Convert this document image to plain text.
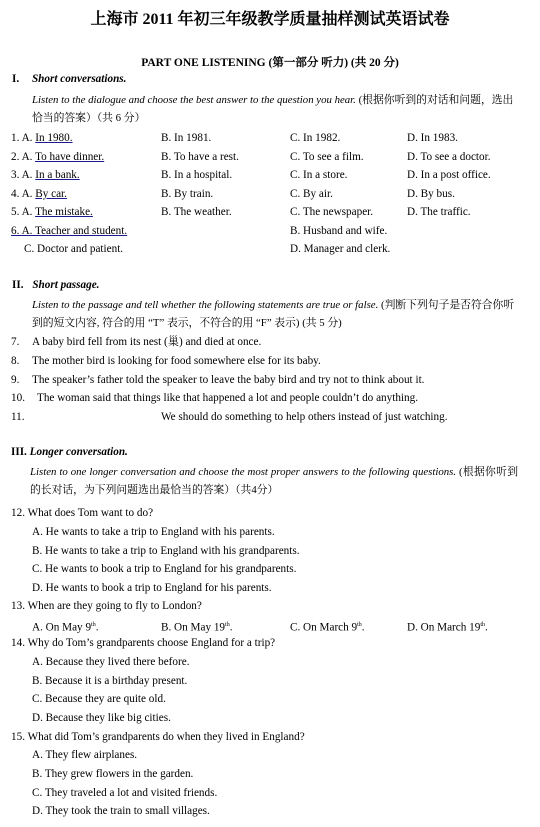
上海市 2011 年初三年级教学质量抽样测试英语试卷
PART ONE LISTENING (第一部分 听力) (共 20 分)
I. Short conversations.
Listen to the dialogue and choose the best answer to the question you hear. (根据你听到的对话和问题，选出恰当的答案）（共 6 分）
1. A. In 1980.	B. In 1981.	C. In 1982.	D. In 1983.
2. A. To have dinner.	B. To have a rest.	C. To see a film.	D. To see a doctor.
3. A. In a bank.	B. In a hospital.	C. In a store.	D. In a post office.
4. A. By car.	B. By train.	C. By air.	D. By bus.
5. A. The mistake.	B. The weather.	C. The newspaper.	D. The traffic.
6. A. Teacher and student.	B. Husband and wife.
C. Doctor and patient.	D. Manager and clerk.
II. Short passage.
Listen to the passage and tell whether the following statements are true or false. (判断下列句子是否符合你听到的短文内容, 符合的用 “T” 表示，不符合的用 “F” 表示) (共 5 分)
7. A baby bird fell from its nest (巢) and died at once.
8. The mother bird is looking for food somewhere else for its baby.
9. The speaker’s father told the speaker to leave the baby bird and try not to think about it.
10. The woman said that things like that happened a lot and people couldn’t do anything.
11.	We should do something to help others instead of just watching.
III. Longer conversation.
Listen to one longer conversation and choose the most proper answers to the following questions. (根据你听到的长对话，为下列问题选出最恰当的答案）（共4分）
12. What does Tom want to do?
A. He wants to take a trip to England with his parents.
B. He wants to take a trip to England with his grandparents.
C. He wants to book a trip to England for his grandparents.
D. He wants to book a trip to England for his parents.
13. When are they going to fly to London?
A. On May 9th.	B. On May 19th.	C. On March 9th.	D. On March 19th.
14. Why do Tom’s grandparents choose England for a trip?
A. Because they lived there before.
B. Because it is a birthday present.
C. Because they are quite old.
D. Because they like big cities.
15. What did Tom’s grandparents do when they lived in England?
A. They flew airplanes.
B. They grew flowers in the garden.
C. They traveled a lot and visited friends.
D. They took the train to small villages.
